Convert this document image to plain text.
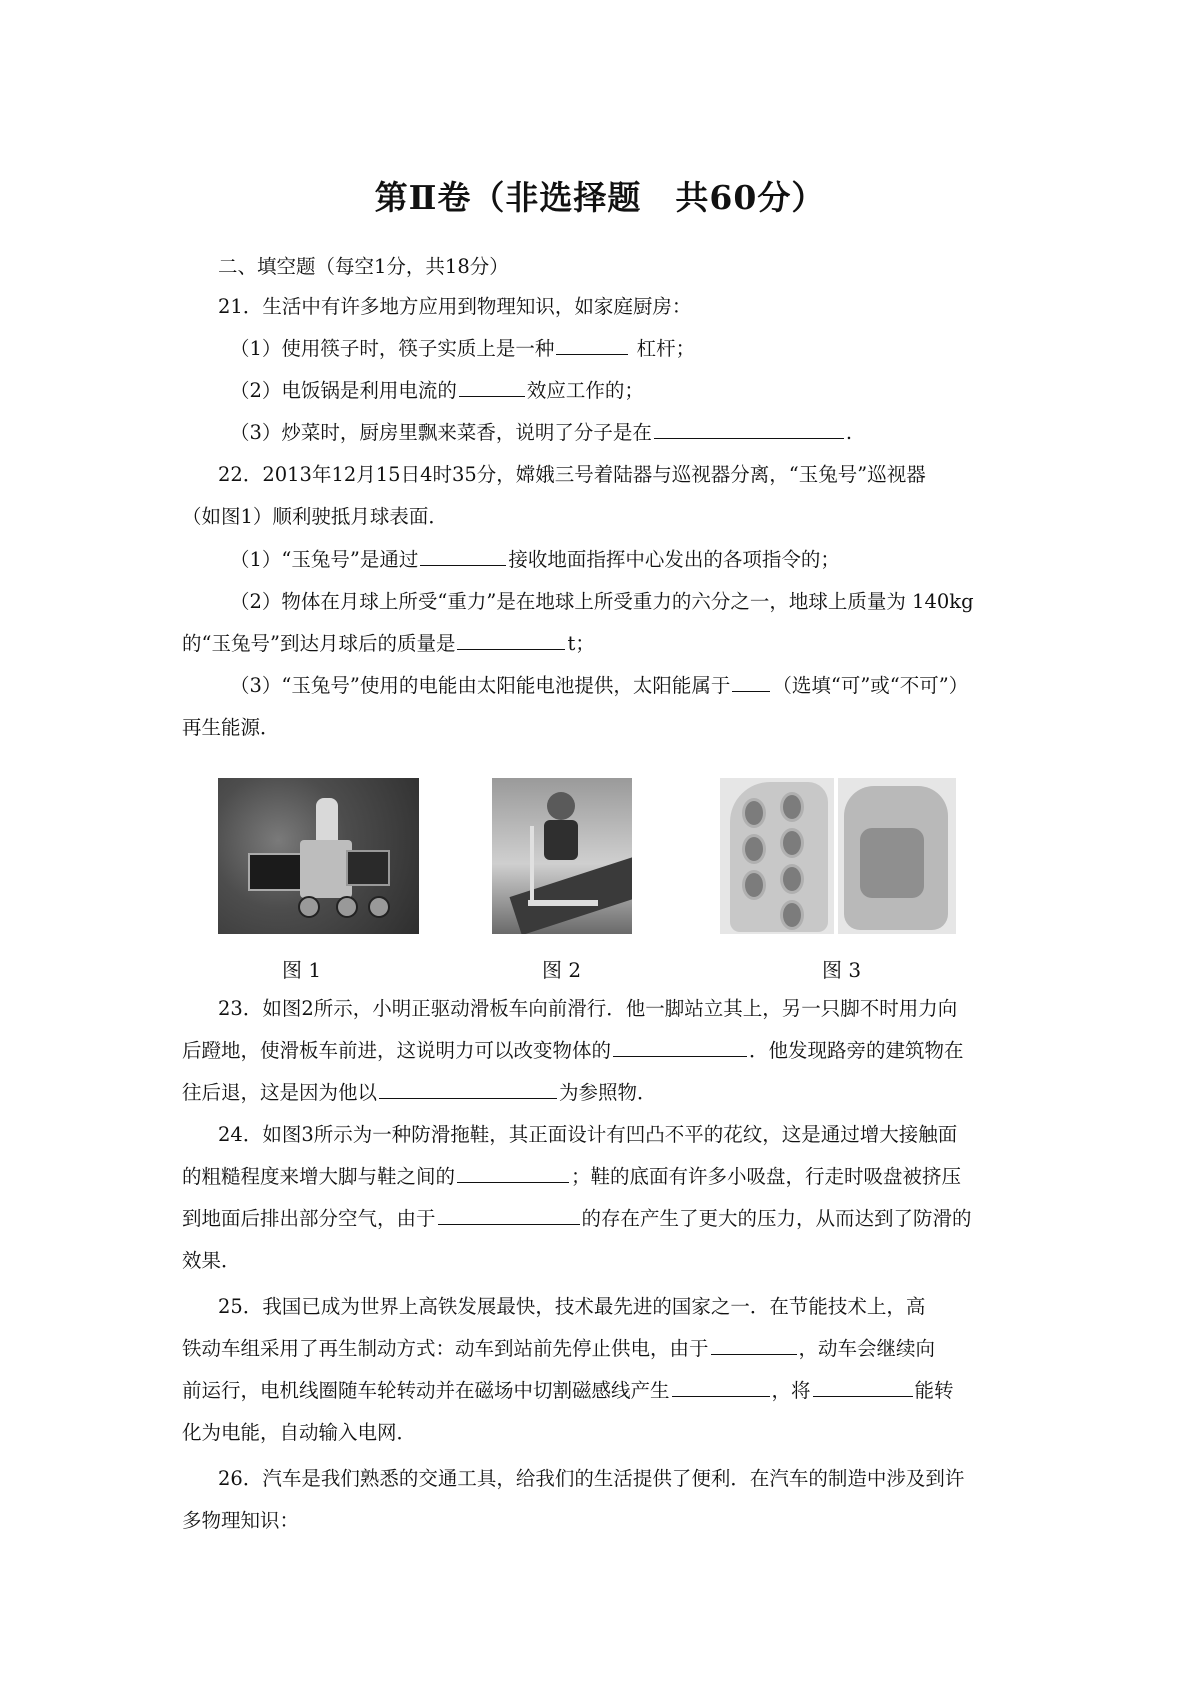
第Ⅱ卷（非选择题　共60分）
二、填空题（每空1分，共18分）
21．生活中有许多地方应用到物理知识，如家庭厨房：
（1）使用筷子时，筷子实质上是一种	杠杆；
（2）电饭锅是利用电流的	效应工作的；
（3）炒菜时，厨房里飘来菜香，说明了分子是在	.
22．2013年12月15日4时35分，嫦娥三号着陆器与巡视器分离，“玉兔号”巡视器
（如图1）顺利驶抵月球表面．
（1）“玉兔号”是通过	接收地面指挥中心发出的各项指令的；
（2）物体在月球上所受“重力”是在地球上所受重力的六分之一，地球上质量为 140kg
的“玉兔号”到达月球后的质量是	t；
（3）“玉兔号”使用的电能由太阳能电池提供，太阳能属于 （选填“可”或“不可”）
再生能源．
图 1	图 2	图 3
23．如图2所示，小明正驱动滑板车向前滑行．他一脚站立其上，另一只脚不时用力向
后蹬地，使滑板车前进，这说明力可以改变物体的	．他发现路旁的建筑物在
往后退，这是因为他以	为参照物．
24．如图3所示为一种防滑拖鞋，其正面设计有凹凸不平的花纹，这是通过增大接触面
的粗糙程度来增大脚与鞋之间的	；鞋的底面有许多小吸盘，行走时吸盘被挤压
到地面后排出部分空气，由于	的存在产生了更大的压力，从而达到了防滑的
效果．
25．我国已成为世界上高铁发展最快，技术最先进的国家之一．在节能技术上，高
铁动车组采用了再生制动方式：动车到站前先停止供电，由于	，动车会继续向
前运行，电机线圈随车轮转动并在磁场中切割磁感线产生	，将	能转
化为电能，自动输入电网．
26．汽车是我们熟悉的交通工具，给我们的生活提供了便利．在汽车的制造中涉及到许
多物理知识：
